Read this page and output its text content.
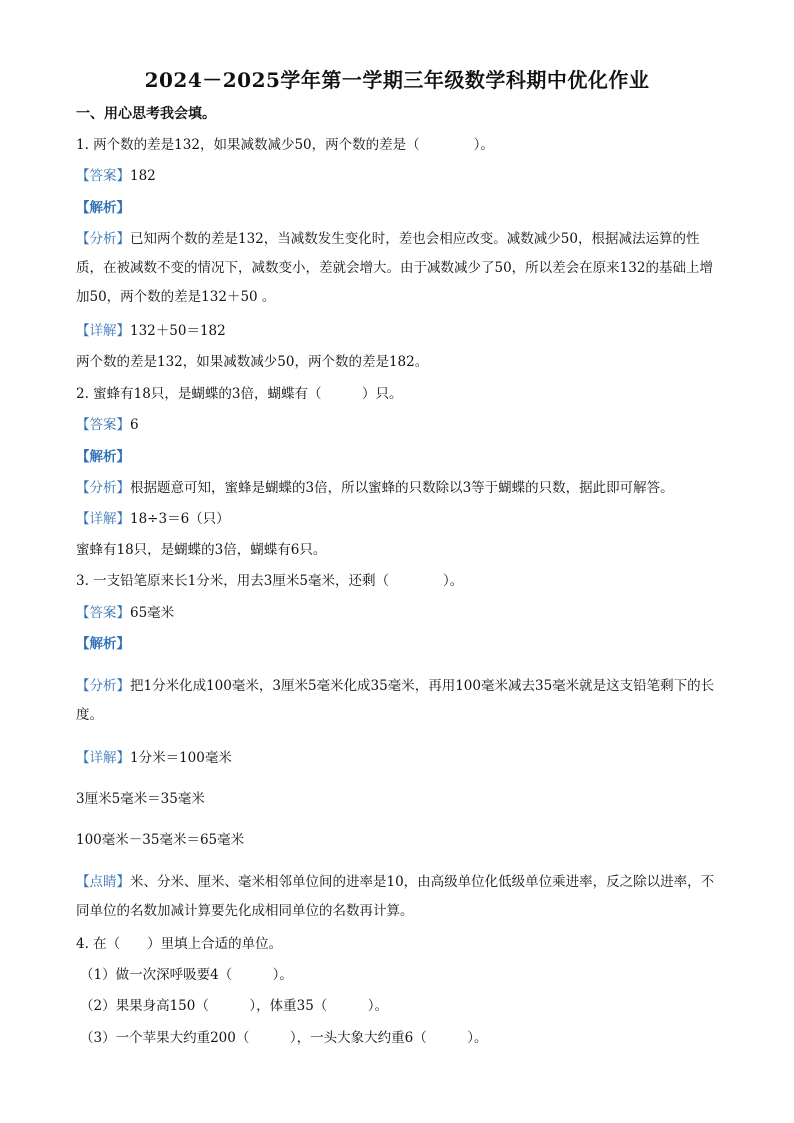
2024－2025学年第一学期三年级数学科期中优化作业
一、用心思考我会填。
1. 两个数的差是132，如果减数减少50，两个数的差是（　　　　）。
【答案】182
【解析】
【分析】已知两个数的差是132，当减数发生变化时，差也会相应改变。减数减少50，根据减法运算的性质，在被减数不变的情况下，减数变小，差就会增大。由于减数减少了50，所以差会在原来132的基础上增加50，两个数的差是132＋50 。
【详解】132＋50＝182
两个数的差是132，如果减数减少50，两个数的差是182。
2. 蜜蜂有18只，是蝴蝶的3倍，蝴蝶有（　　　）只。
【答案】6
【解析】
【分析】根据题意可知，蜜蜂是蝴蝶的3倍，所以蜜蜂的只数除以3等于蝴蝶的只数，据此即可解答。
【详解】18÷3＝6（只）
蜜蜂有18只，是蝴蝶的3倍，蝴蝶有6只。
3. 一支铅笔原来长1分米，用去3厘米5毫米，还剩（　　　　）。
【答案】65毫米
【解析】
【分析】把1分米化成100毫米，3厘米5毫米化成35毫米，再用100毫米减去35毫米就是这支铅笔剩下的长度。
【详解】1分米＝100毫米
3厘米5毫米＝35毫米
100毫米－35毫米＝65毫米
【点睛】米、分米、厘米、毫米相邻单位间的进率是10，由高级单位化低级单位乘进率，反之除以进率，不同单位的名数加减计算要先化成相同单位的名数再计算。
4. 在（　　）里填上合适的单位。
（1）做一次深呼吸要4（　　　）。
（2）果果身高150（　　　），体重35（　　　）。
（3）一个苹果大约重200（　　　），一头大象大约重6（　　　）。
